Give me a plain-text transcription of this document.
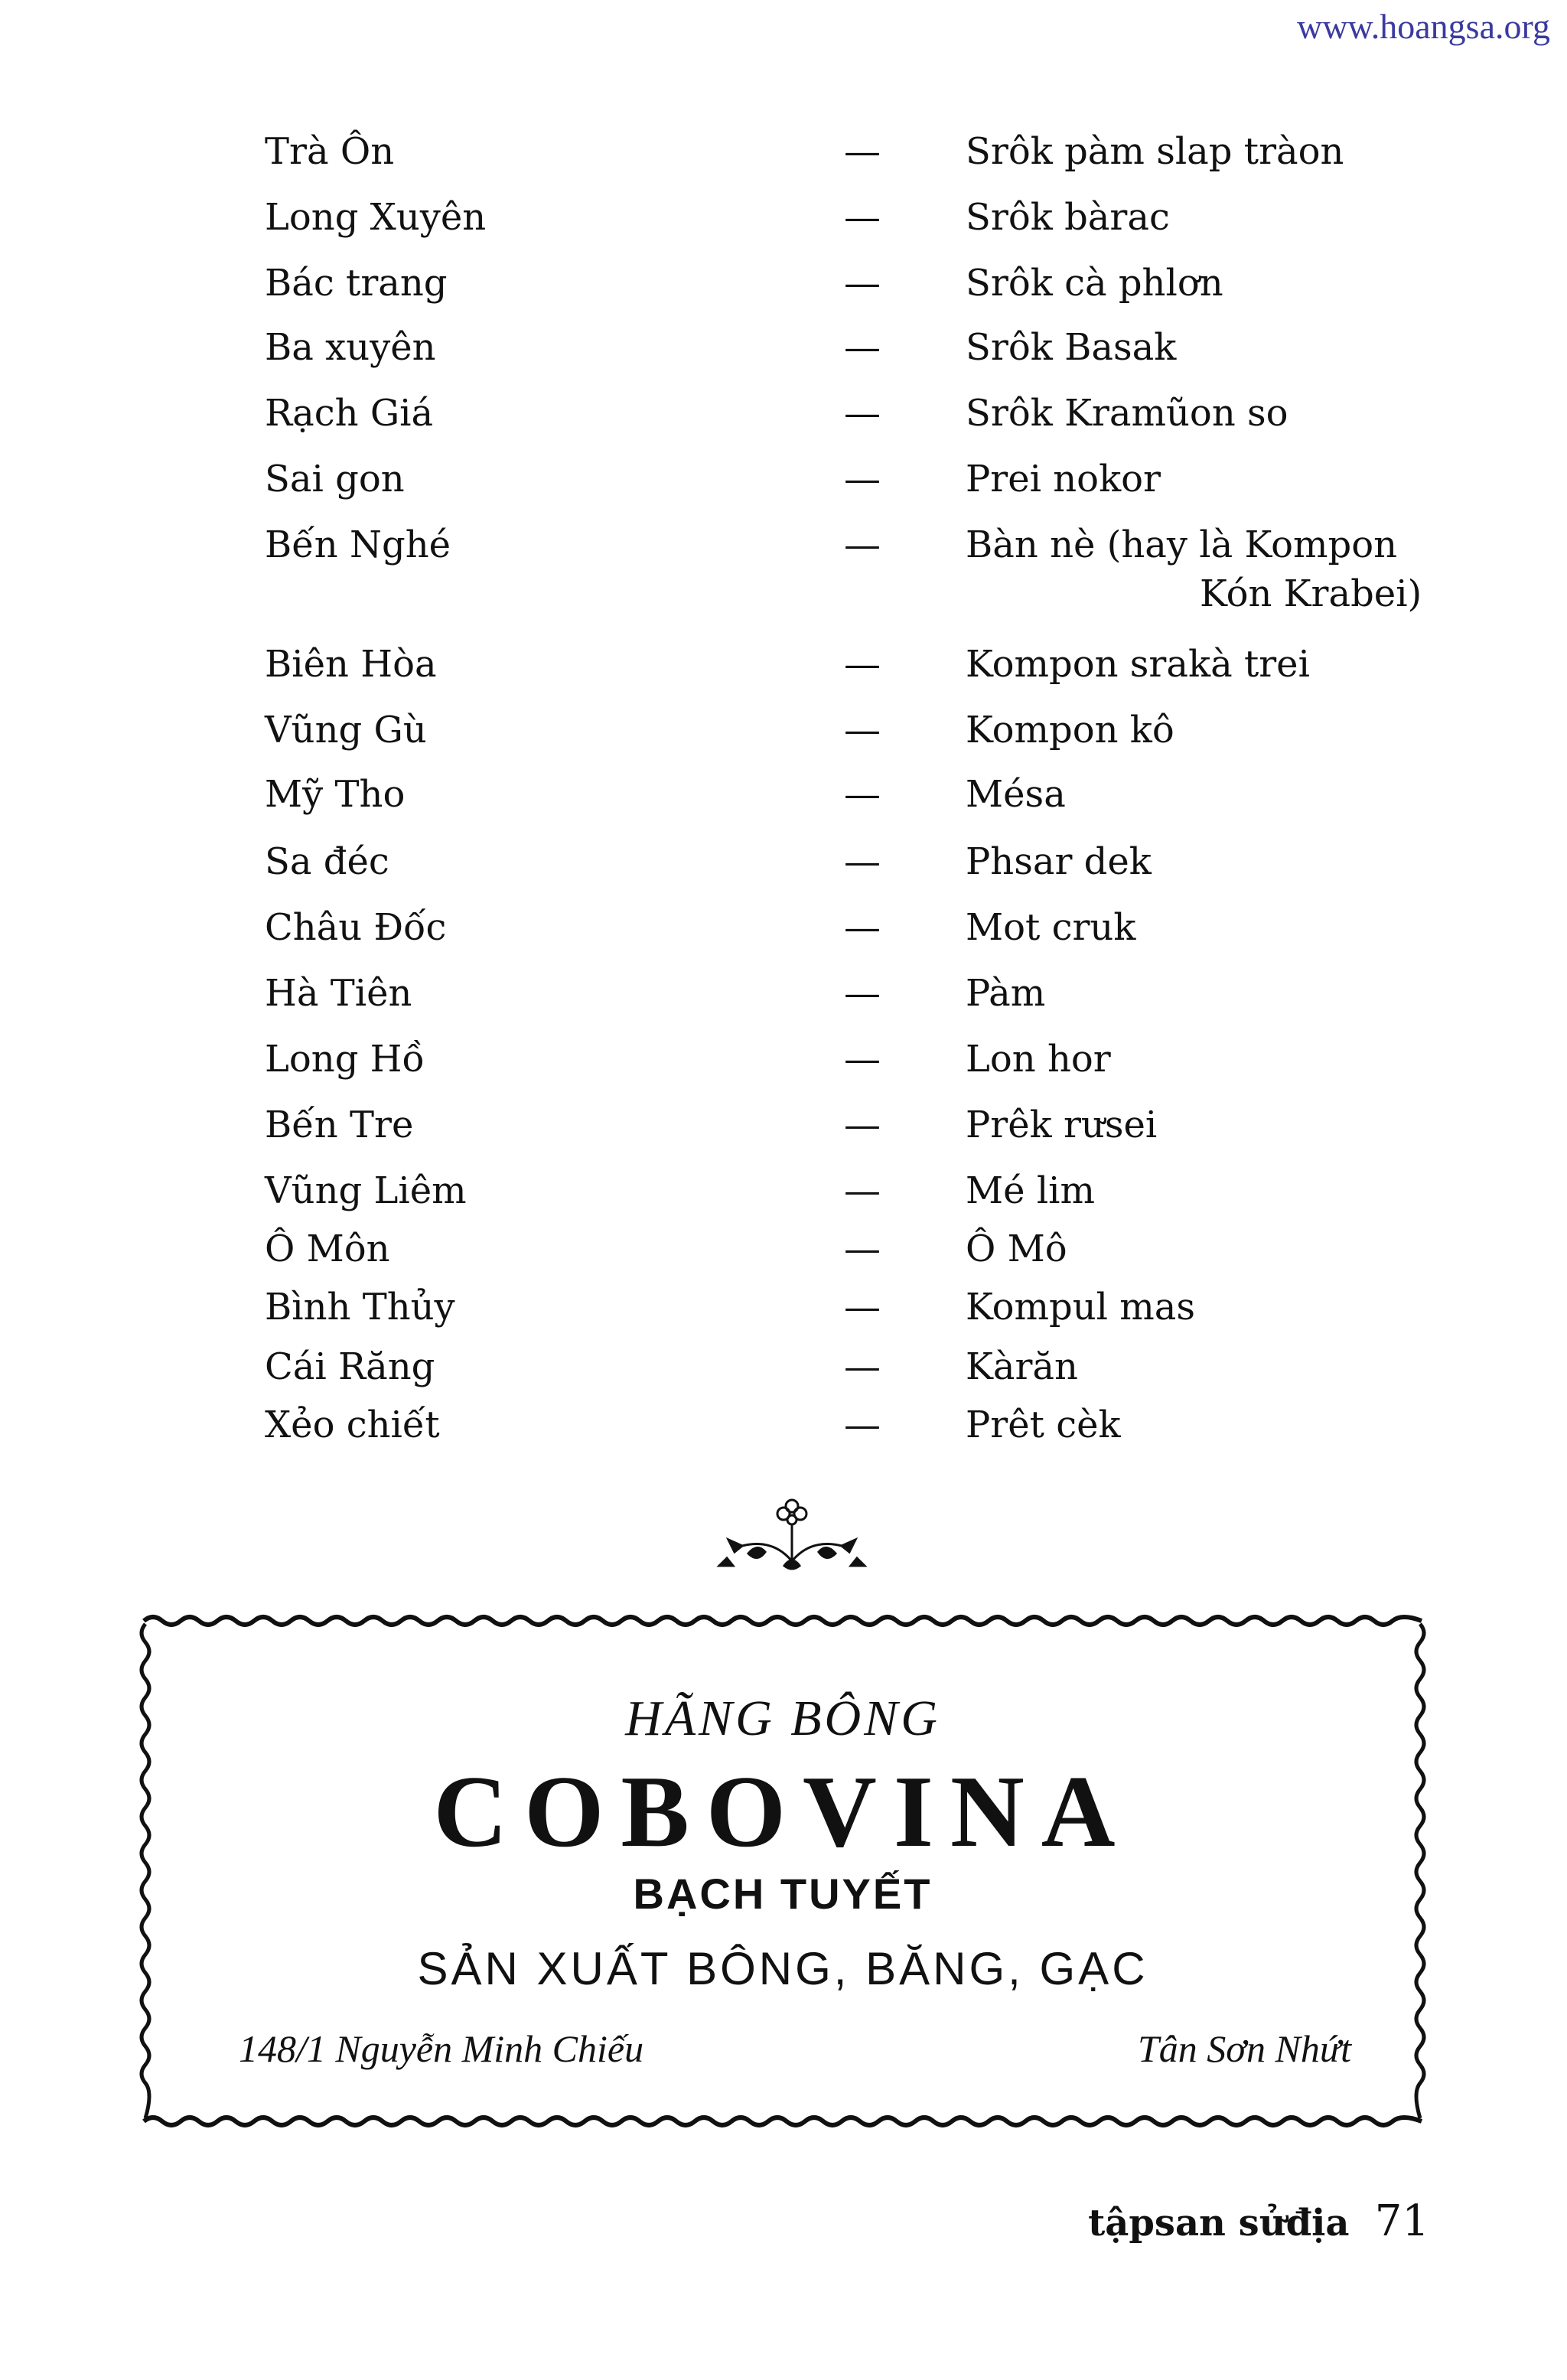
www.hoangsa.org
Trà Ôn	— Srôk pàm slap tràon
Long Xuyên	— Srôk bàrac
Bác trang	— Srôk cà phlơn
Ba xuyên	— Srôk Basak
Rạch Giá	— Srôk Kramũon so
Sai gon	— Prei nokor
Bến Nghé	— Bàn nè (hay là Kompon
Kón Krabei)
Biên Hòa	— Kompon srakà trei
Vũng Gù	— Kompon kô
Mỹ Tho	— Mésa
Sa đéc	— Phsar dek
Châu Đốc	— Mot cruk
Hà Tiên	— Pàm
Long Hồ	— Lon hor
Bến Tre	— Prêk rưsei
Vũng Liêm	— Mé lim
Ô Môn	— Ô Mô
Bình Thủy	— Kompul mas
Cái Răng	— Kàrăn
Xẻo chiết	— Prêt cèk
HÃNG BÔNG
COBOVINA
BẠCH TUYẾT
SẢN XUẤT BÔNG, BĂNG, GẠC
148/1 Nguyễn Minh Chiếu	Tân Sơn Nhứt
tậpsan sửđịa 71
